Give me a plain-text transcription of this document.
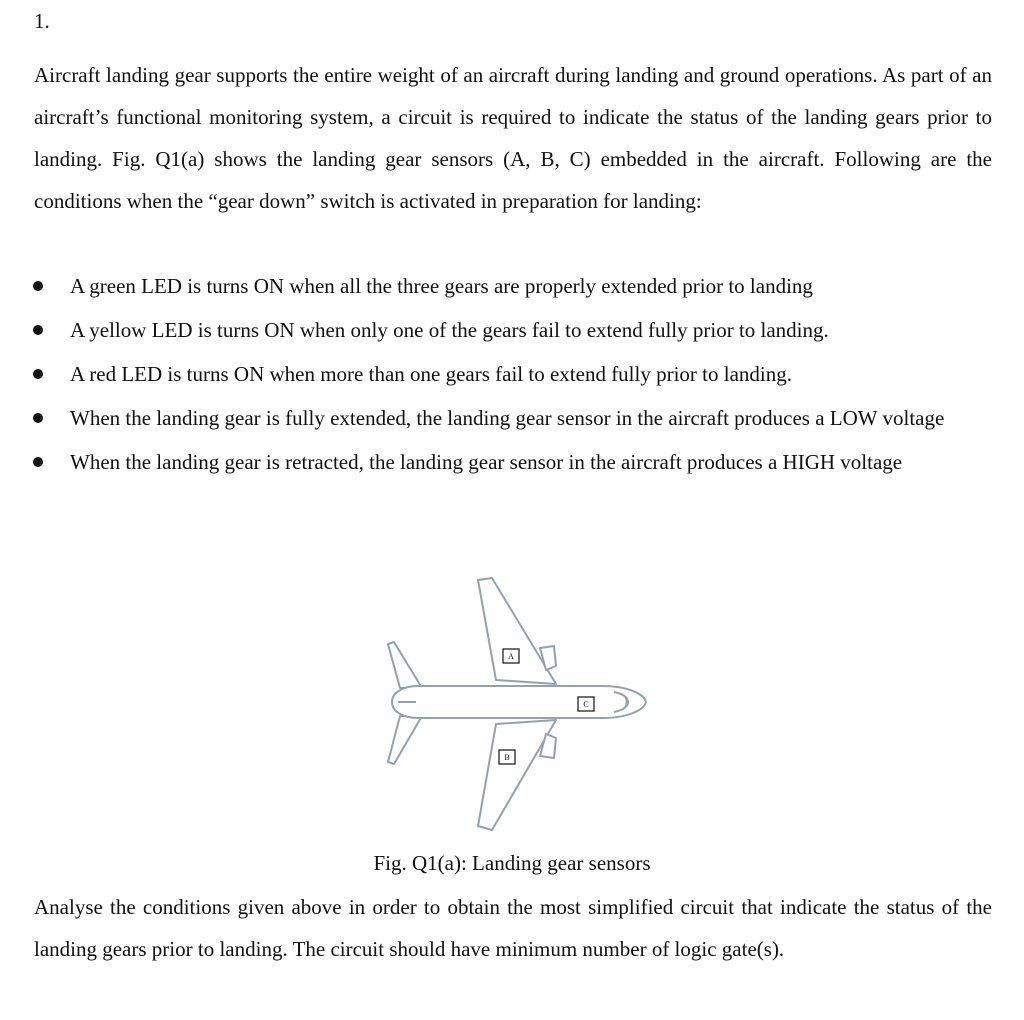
1.

Aircraft landing gear supports the entire weight of an aircraft during landing and ground operations. As part of an aircraft’s functional monitoring system, a circuit is required to indicate the status of the landing gears prior to landing. Fig. Q1(a) shows the landing gear sensors (A, B, C) embedded in the aircraft. Following are the conditions when the “gear down” switch is activated in preparation for landing:

A green LED is turns ON when all the three gears are properly extended prior to landing
A yellow LED is turns ON when only one of the gears fail to extend fully prior to landing.
A red LED is turns ON when more than one gears fail to extend fully prior to landing.
When the landing gear is fully extended, the landing gear sensor in the aircraft produces a LOW voltage
When the landing gear is retracted, the landing gear sensor in the aircraft produces a HIGH voltage
A
B
C
Fig. Q1(a): Landing gear sensors

Analyse the conditions given above in order to obtain the most simplified circuit that indicate the status of the landing gears prior to landing. The circuit should have minimum number of logic gate(s).
